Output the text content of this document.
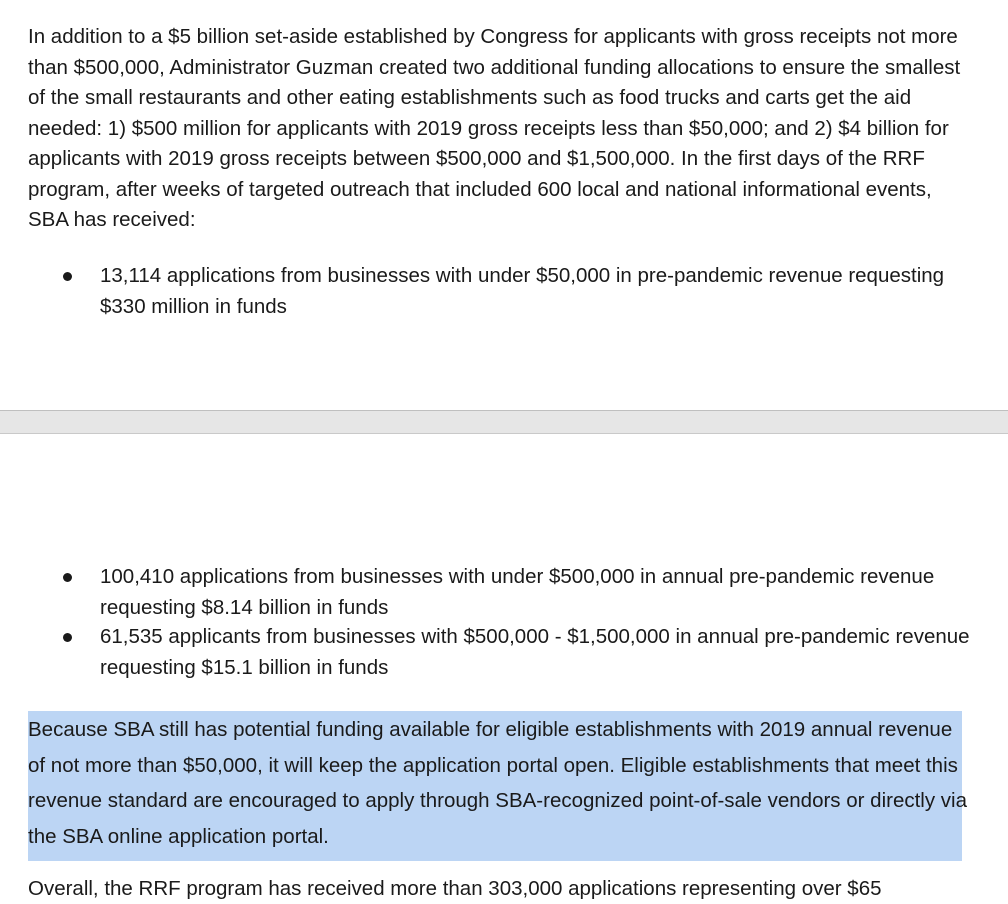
In addition to a $5 billion set-aside established by Congress for applicants with gross receipts not more than $500,000, Administrator Guzman created two additional funding allocations to ensure the smallest of the small restaurants and other eating establishments such as food trucks and carts get the aid needed: 1) $500 million for applicants with 2019 gross receipts less than $50,000; and 2) $4 billion for applicants with 2019 gross receipts between $500,000 and $1,500,000. In the first days of the RRF program, after weeks of targeted outreach that included 600 local and national informational events, SBA has received:

13,114 applications from businesses with under $50,000 in pre-pandemic revenue requesting $330 million in funds
100,410 applications from businesses with under $500,000 in annual pre-pandemic revenue requesting $8.14 billion in funds
61,535 applicants from businesses with $500,000 - $1,500,000 in annual pre-pandemic revenue requesting $15.1 billion in funds

Because SBA still has potential funding available for eligible establishments with 2019 annual revenue of not more than $50,000, it will keep the application portal open. Eligible establishments that meet this revenue standard are encouraged to apply through SBA-recognized point-of-sale vendors or directly via the SBA online application portal.

Overall, the RRF program has received more than 303,000 applications representing over $65
